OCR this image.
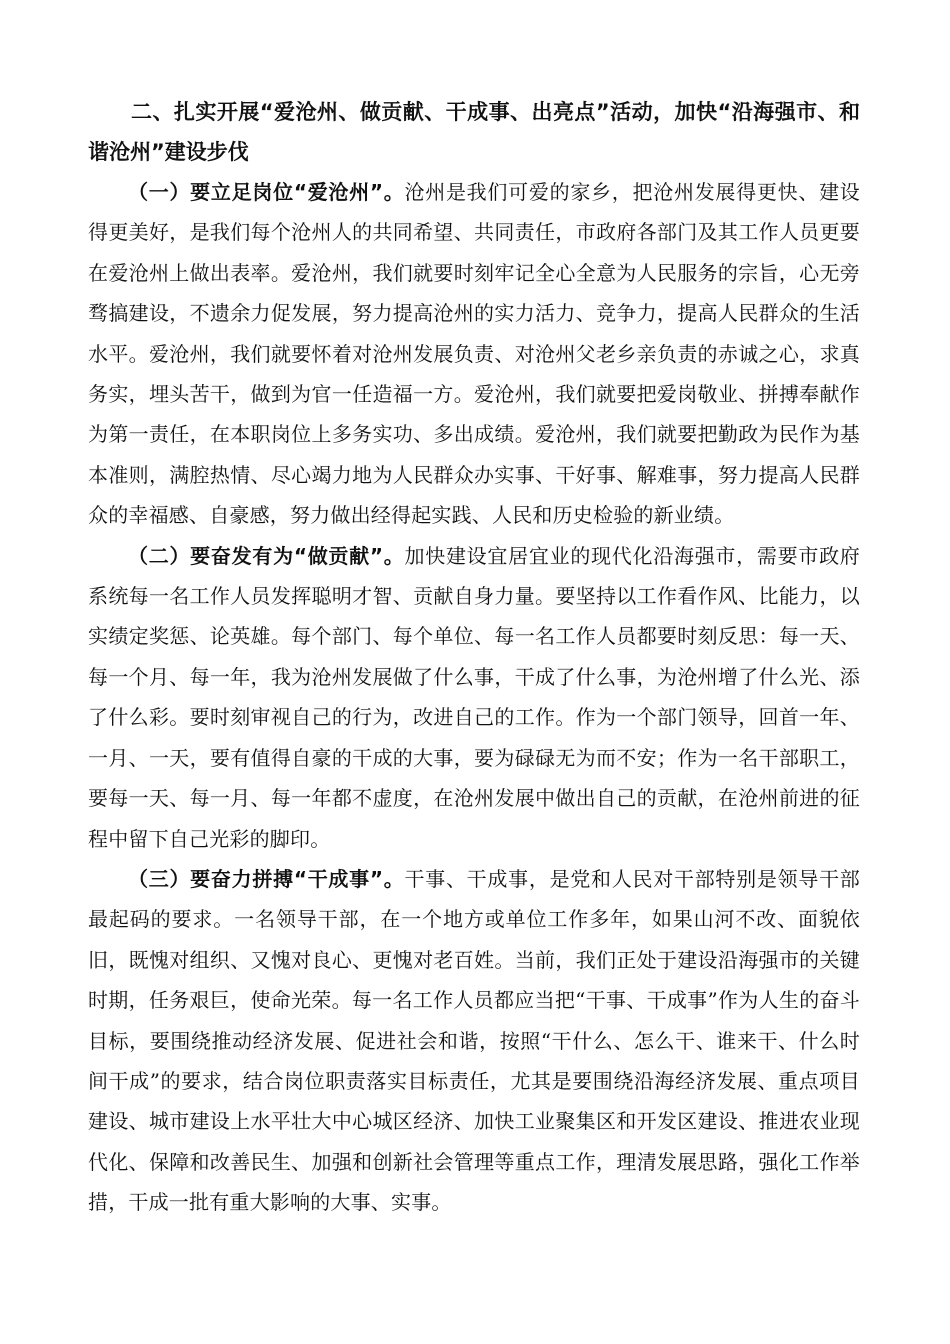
二、扎实开展“爱沧州、做贡献、干成事、出亮点”活动，加快“沿海强市、和谐沧州”建设步伐

（一）要立足岗位“爱沧州”。沧州是我们可爱的家乡，把沧州发展得更快、建设得更美好，是我们每个沧州人的共同希望、共同责任，市政府各部门及其工作人员更要在爱沧州上做出表率。爱沧州，我们就要时刻牢记全心全意为人民服务的宗旨，心无旁骛搞建设，不遗余力促发展，努力提高沧州的实力活力、竞争力，提高人民群众的生活水平。爱沧州，我们就要怀着对沧州发展负责、对沧州父老乡亲负责的赤诚之心，求真务实，埋头苦干，做到为官一任造福一方。爱沧州，我们就要把爱岗敬业、拼搏奉献作为第一责任，在本职岗位上多务实功、多出成绩。爱沧州，我们就要把勤政为民作为基本准则，满腔热情、尽心竭力地为人民群众办实事、干好事、解难事，努力提高人民群众的幸福感、自豪感，努力做出经得起实践、人民和历史检验的新业绩。

（二）要奋发有为“做贡献”。加快建设宜居宜业的现代化沿海强市，需要市政府系统每一名工作人员发挥聪明才智、贡献自身力量。要坚持以工作看作风、比能力，以实绩定奖惩、论英雄。每个部门、每个单位、每一名工作人员都要时刻反思：每一天、每一个月、每一年，我为沧州发展做了什么事，干成了什么事，为沧州增了什么光、添了什么彩。要时刻审视自己的行为，改进自己的工作。作为一个部门领导，回首一年、一月、一天，要有值得自豪的干成的大事，要为碌碌无为而不安；作为一名干部职工，要每一天、每一月、每一年都不虚度，在沧州发展中做出自己的贡献，在沧州前进的征程中留下自己光彩的脚印。

（三）要奋力拼搏“干成事”。干事、干成事，是党和人民对干部特别是领导干部最起码的要求。一名领导干部，在一个地方或单位工作多年，如果山河不改、面貌依旧，既愧对组织、又愧对良心、更愧对老百姓。当前，我们正处于建设沿海强市的关键时期，任务艰巨，使命光荣。每一名工作人员都应当把“干事、干成事”作为人生的奋斗目标，要围绕推动经济发展、促进社会和谐，按照“干什么、怎么干、谁来干、什么时间干成”的要求，结合岗位职责落实目标责任，尤其是要围绕沿海经济发展、重点项目建设、城市建设上水平壮大中心城区经济、加快工业聚集区和开发区建设、推进农业现代化、保障和改善民生、加强和创新社会管理等重点工作，理清发展思路，强化工作举措，干成一批有重大影响的大事、实事。
